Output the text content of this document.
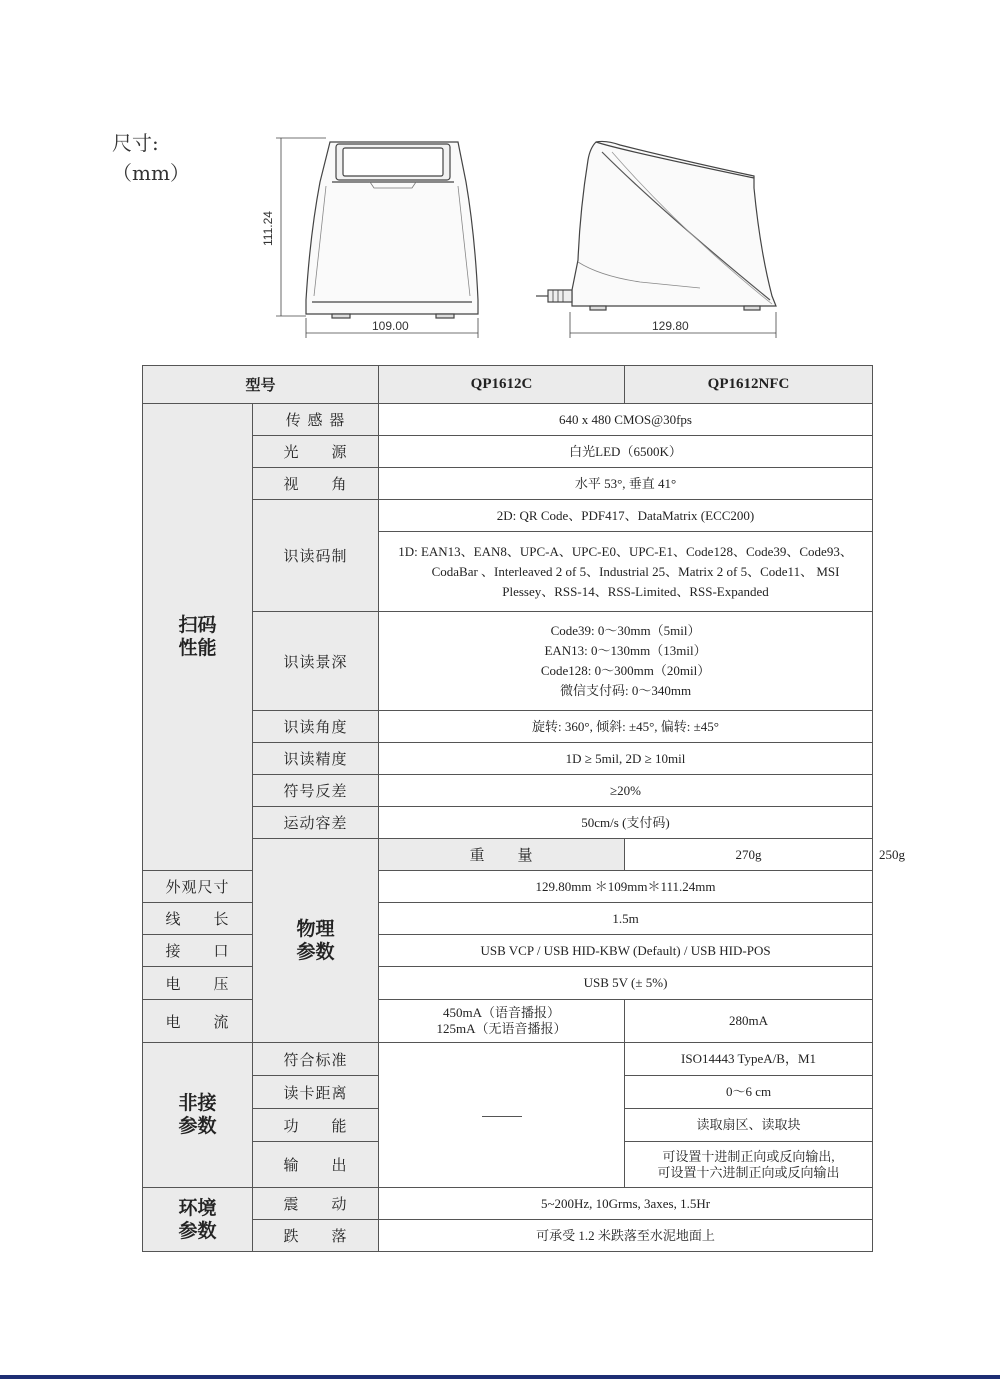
尺寸:
（mm）
111.24
109.00	129.80
型号		QP1612C	QP1612NFC	

扫码
性能	传 感 器	640 x 480 CMOS@30fps		
	光　　源	白光LED（6500K）		
	视　　角	水平 53°, 垂直 41°		
	识读码制	2D: QR Code、PDF417、DataMatrix (ECC200)		

		1D: EAN13、EAN8、UPC-A、UPC-E0、UPC-E1、Code128、Code39、Code93、
CodaBar 、Interleaved 2 of 5、Industrial 25、Matrix 2 of 5、Code11、 MSI
Plessey、RSS-14、RSS-Limited、RSS-Expanded		

	识读景深	Code39: 0～30mm（5mil）
EAN13: 0～130mm（13mil）
Code128: 0～300mm（20mil）
微信支付码: 0～340mm		

	识读角度	旋转: 360°, 倾斜: ±45°, 偏转: ±45°		
	识读精度	1D ≥ 5mil, 2D ≥ 10mil		
	符号反差	≥20%		
	运动容差	50cm/s (支付码)		

	物理
参数	重　　量	270g	250g
外观尺寸		129.80mm ＊109mm＊111.24mm		
线　　长		1.5m		
接　　口		USB VCP / USB HID-KBW (Default) / USB HID-POS		
电　　压		USB 5V (± 5%)		
电　　流		450mA（语音播报）
125mA（无语音播报）	280mA	

非接
参数	符合标准		ISO14443 TypeA/B，M1	
	读卡距离		0～6 cm	
	功　　能		读取扇区、读取块	
	输　　出		可设置十进制正向或反向输出,
可设置十六进制正向或反向输出	

环境
参数	震　　动	5~200Hz, 10Grms, 3axes, 1.5Hr		
	跌　　落	可承受 1.2 米跌落至水泥地面上		
